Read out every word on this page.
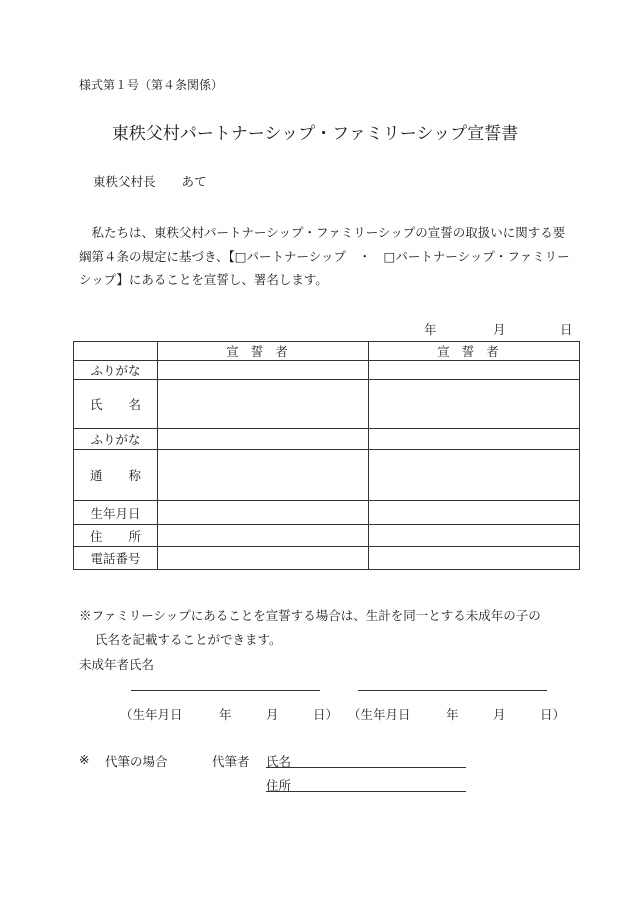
様式第１号（第４条関係）
東秩父村パートナーシップ・ファミリーシップ宣誓書
東秩父村長 あて
　私たちは、東秩父村パートナーシップ・ファミリーシップの宣誓の取扱いに関する要綱第４条の規定に基づき、【□パートナーシップ　・　□パートナーシップ・ファミリーシップ】にあることを宣誓し、署名します。
年	月	日
	宣誓者	宣誓者
ふりがな		
氏名		
ふりがな		
通称		
生年月日		
住所		
電話番号		
※ファミリーシップにあることを宣誓する場合は、生計を同一とする未成年の子の
氏名を記載することができます。
未成年者氏名
（生年月日	年	月	日） （生年月日	年	月	日）
※ 代筆の場合	代筆者 氏名
住所
